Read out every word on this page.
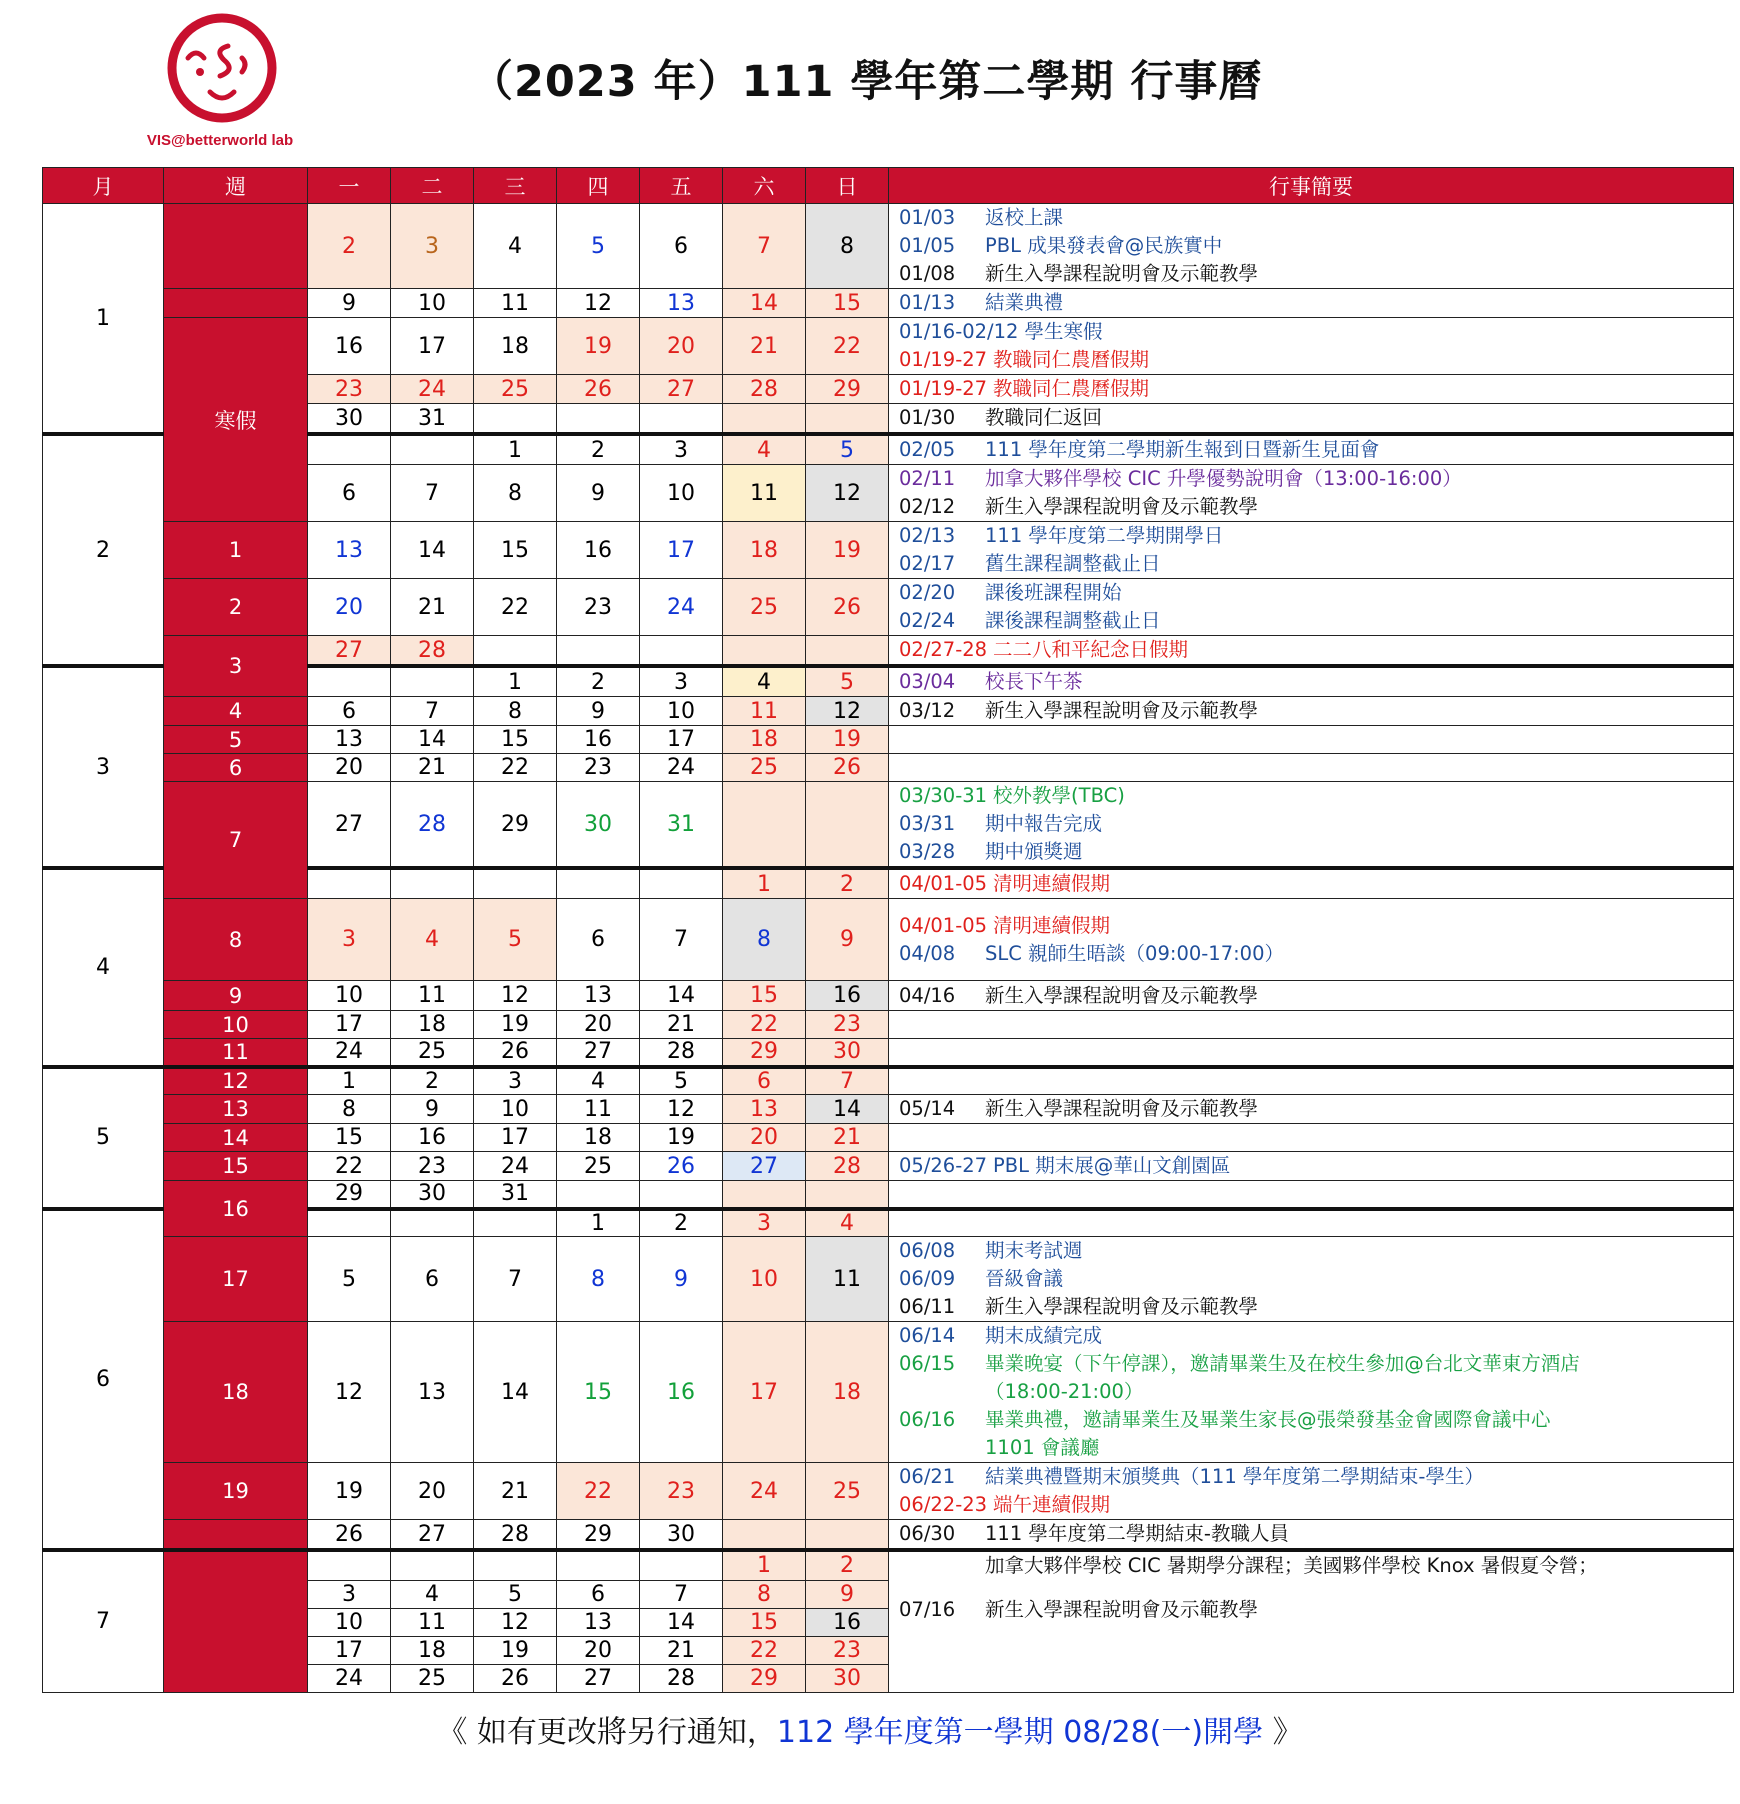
VIS@betterworld lab
（2023 年）111 學年第二學期 行事曆
月	週	一	二	三	四	五	六	日	行事簡要
1		2	3	4	5	6	7	8	01/03 返校上課
01/05 PBL 成果發表會@民族實中
01/08 新生入學課程說明會及示範教學

		9	10	11	12	13	14	15	01/13 結業典禮

	寒假	16	17	18	19	20	21	22	01/16-02/12 學生寒假
01/19-27 教職同仁農曆假期

		23	24	25	26	27	28	29	01/19-27 教職同仁農曆假期

		30	31						01/30 教職同仁返回

2				1	2	3	4	5	02/05 111 學年度第二學期新生報到日暨新生見面會

		6	7	8	9	10	11	12	02/11 加拿大夥伴學校 CIC 升學優勢說明會（13:00-16:00）
02/12 新生入學課程說明會及示範教學

	1	13	14	15	16	17	18	19	02/13 111 學年度第二學期開學日
02/17 舊生課程調整截止日

	2	20	21	22	23	24	25	26	02/20 課後班課程開始
02/24 課後課程調整截止日

	3	27	28						02/27-28 二二八和平紀念日假期

3				1	2	3	4	5	03/04 校長下午茶

	4	6	7	8	9	10	11	12	03/12 新生入學課程說明會及示範教學

	5	13	14	15	16	17	18	19	
	6	20	21	22	23	24	25	26	
	7	27	28	29	30	31			03/30-31 校外教學(TBC)
03/31 期中報告完成
03/28 期中頒獎週

4							1	2	04/01-05 清明連續假期

	8	3	4	5	6	7	8	9	04/01-05 清明連續假期
04/08 SLC 親師生晤談（09:00-17:00）

	9	10	11	12	13	14	15	16	04/16 新生入學課程說明會及示範教學

	10	17	18	19	20	21	22	23	
	11	24	25	26	27	28	29	30	
5	12	1	2	3	4	5	6	7	
	13	8	9	10	11	12	13	14	05/14 新生入學課程說明會及示範教學

	14	15	16	17	18	19	20	21	
	15	22	23	24	25	26	27	28	05/26-27 PBL 期末展@華山文創園區

	16	29	30	31					
6					1	2	3	4	
	17	5	6	7	8	9	10	11	06/08 期末考試週
06/09 晉級會議
06/11 新生入學課程說明會及示範教學

	18	12	13	14	15	16	17	18	06/14 期末成績完成
06/15 畢業晚宴（下午停課），邀請畢業生及在校生參加@台北文華東方酒店
（18:00-21:00）
06/16 畢業典禮，邀請畢業生及畢業生家長@張榮發基金會國際會議中心
1101 會議廳

	19	19	20	21	22	23	24	25	06/21 結業典禮暨期末頒獎典（111 學年度第二學期結束-學生）
06/22-23 端午連續假期

		26	27	28	29	30			06/30 111 學年度第二學期結束-教職人員

7							1	2	加拿大夥伴學校 CIC 暑期學分課程；美國夥伴學校 Knox 暑假夏令營；

		3	4	5	6	7	8	9	07/16 新生入學課程說明會及示範教學

		10	11	12	13	14	15	16	
		17	18	19	20	21	22	23	
		24	25	26	27	28	29	30	
《 如有更改將另行通知，112 學年度第一學期 08/28(一)開學 》
